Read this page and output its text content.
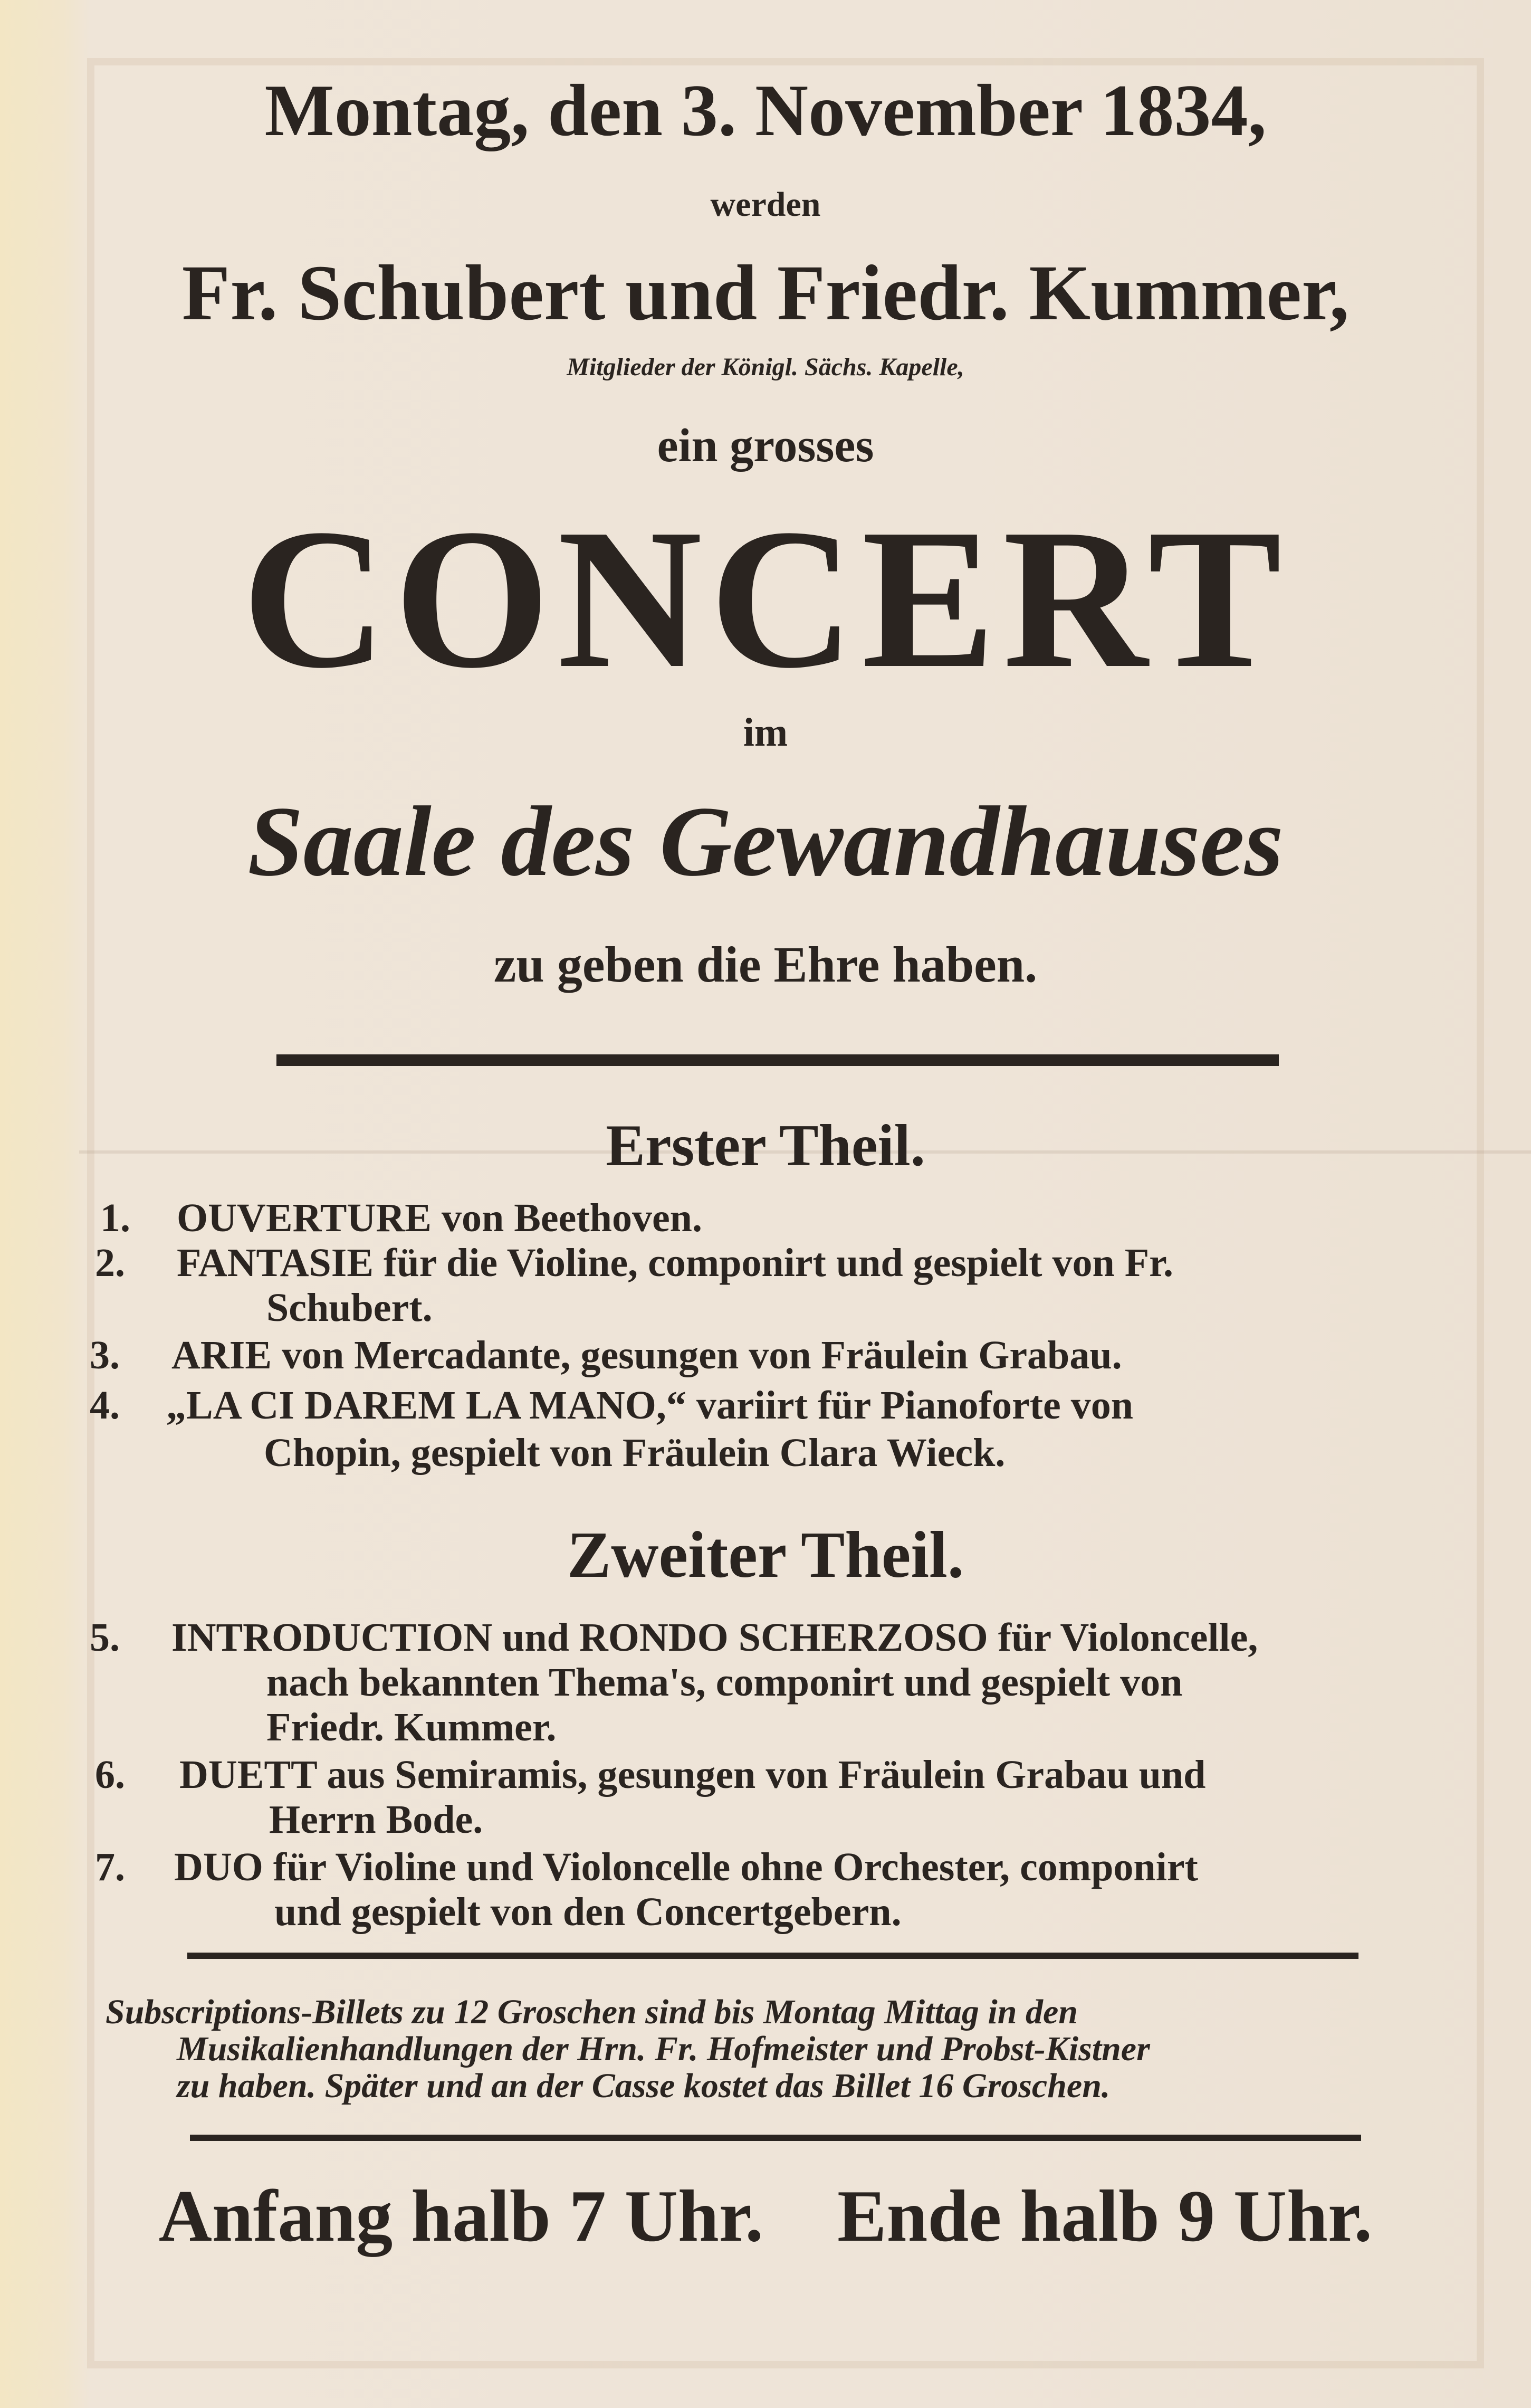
Montag, den 3. November 1834,
werden
Fr. Schubert und Friedr. Kummer,
Mitglieder der Königl. Sächs. Kapelle,
ein grosses
CONCERT
im
Saale des Gewandhauses
zu geben die Ehre haben.
Erster Theil.
1. OUVERTURE von Beethoven.
2. FANTASIE für die Violine, componirt und gespielt von Fr.
Schubert.
3. ARIE von Mercadante, gesungen von Fräulein Grabau.
4. „LA CI DAREM LA MANO,“ variirt für Pianoforte von
Chopin, gespielt von Fräulein Clara Wieck.
Zweiter Theil.
5. INTRODUCTION und RONDO SCHERZOSO für Violoncelle,
nach bekannten Thema's, componirt und gespielt von
Friedr. Kummer.
6. DUETT aus Semiramis, gesungen von Fräulein Grabau und
Herrn Bode.
7. DUO für Violine und Violoncelle ohne Orchester, componirt
und gespielt von den Concertgebern.
Subscriptions-Billets zu 12 Groschen sind bis Montag Mittag in den
Musikalienhandlungen der Hrn. Fr. Hofmeister und Probst-Kistner
zu haben. Später und an der Casse kostet das Billet 16 Groschen.
Anfang halb 7 Uhr. Ende halb 9 Uhr.
